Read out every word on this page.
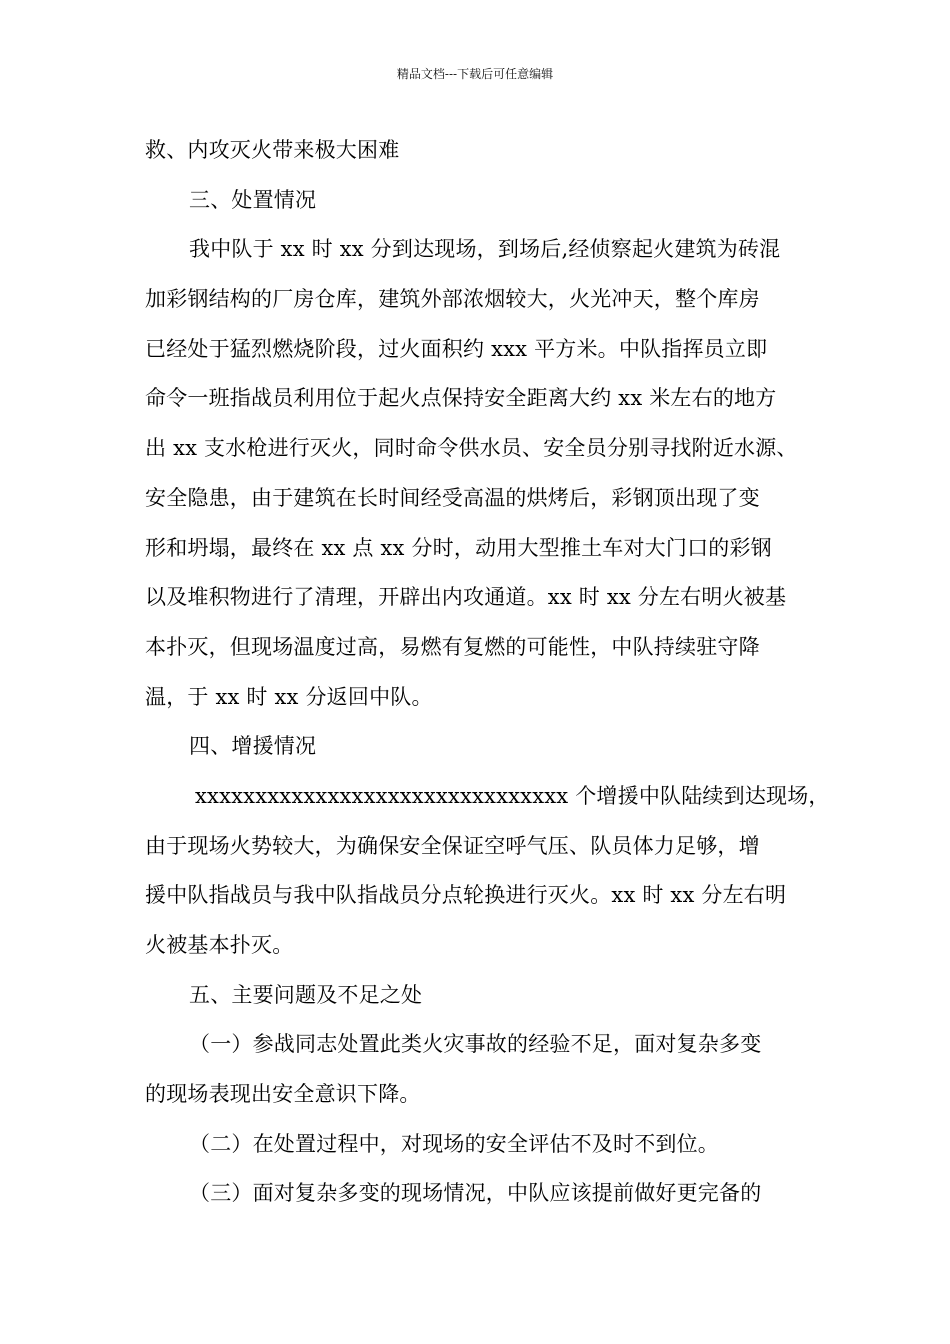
精品文档---下载后可任意编辑
救、内攻灭火带来极大困难
三、处置情况
我中队于 xx 时 xx 分到达现场，到场后,经侦察起火建筑为砖混
加彩钢结构的厂房仓库，建筑外部浓烟较大，火光冲天，整个库房
已经处于猛烈燃烧阶段，过火面积约 xxx 平方米。中队指挥员立即
命令一班指战员利用位于起火点保持安全距离大约 xx 米左右的地方
出 xx 支水枪进行灭火，同时命令供水员、安全员分别寻找附近水源、
安全隐患，由于建筑在长时间经受高温的烘烤后，彩钢顶出现了变
形和坍塌，最终在 xx 点 xx 分时，动用大型推土车对大门口的彩钢
以及堆积物进行了清理，开辟出内攻通道。xx 时 xx 分左右明火被基
本扑灭，但现场温度过高，易燃有复燃的可能性，中队持续驻守降
温，于 xx 时 xx 分返回中队。
四、增援情况
xxxxxxxxxxxxxxxxxxxxxxxxxxxxxxx 个增援中队陆续到达现场，
由于现场火势较大，为确保安全保证空呼气压、队员体力足够，增
援中队指战员与我中队指战员分点轮换进行灭火。xx 时 xx 分左右明
火被基本扑灭。
五、主要问题及不足之处
（一）参战同志处置此类火灾事故的经验不足，面对复杂多变
的现场表现出安全意识下降。
（二）在处置过程中，对现场的安全评估不及时不到位。
（三）面对复杂多变的现场情况，中队应该提前做好更完备的
